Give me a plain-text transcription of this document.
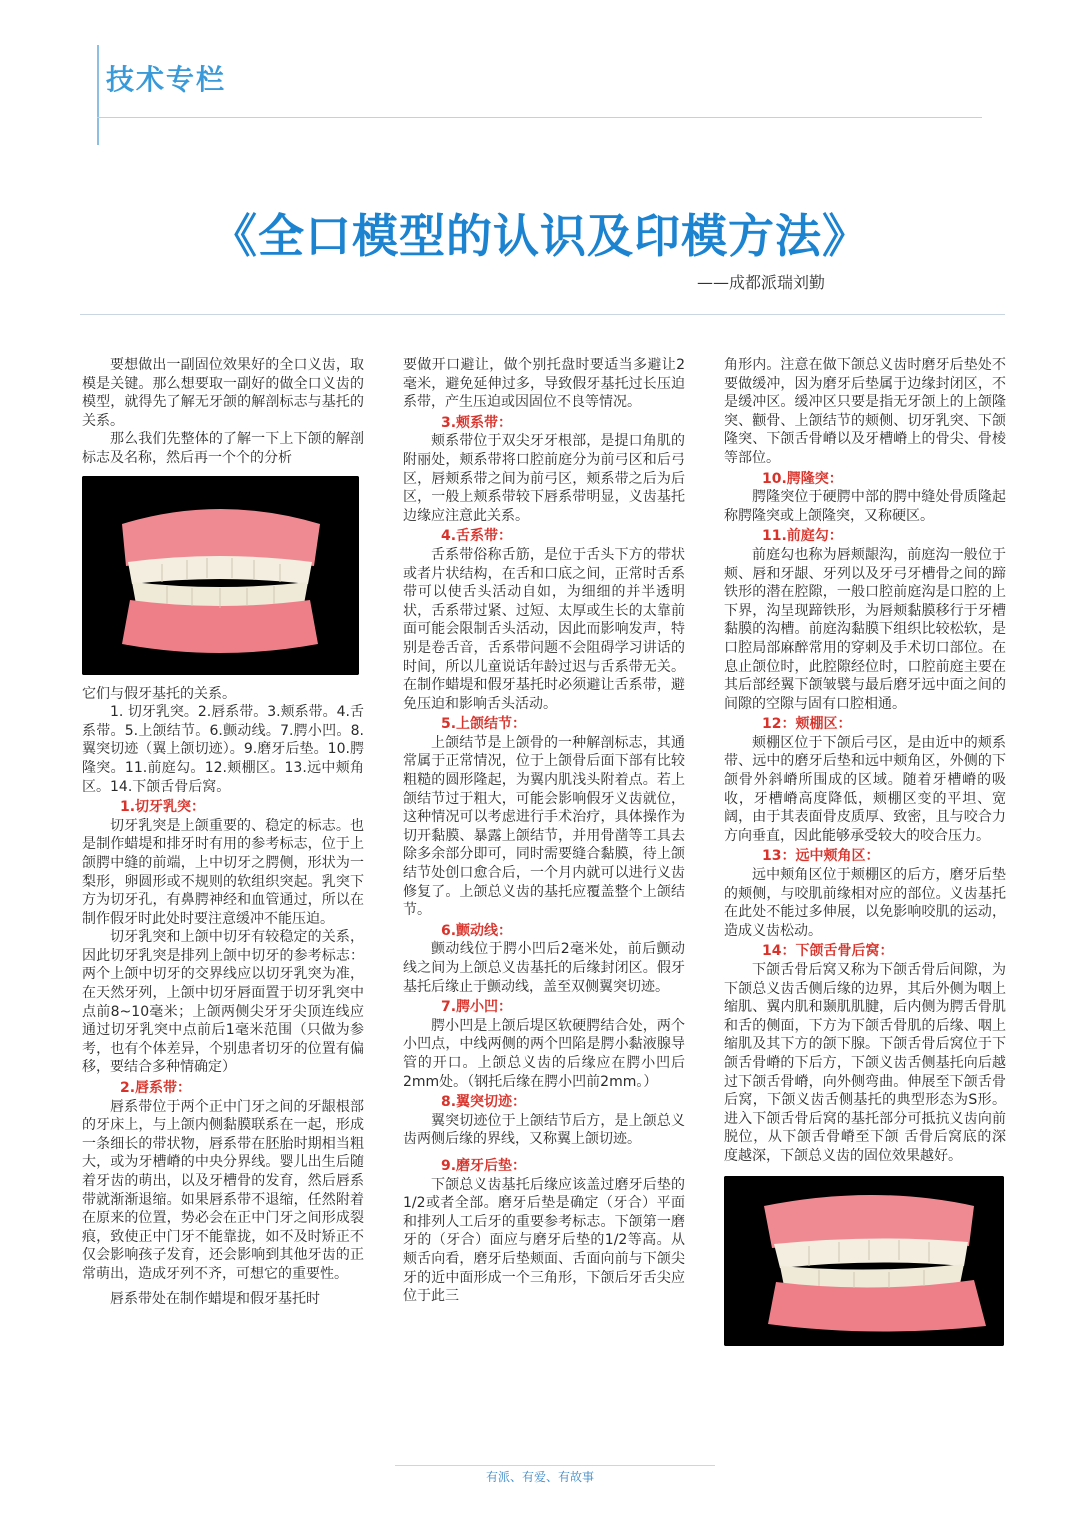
技术专栏
《全口模型的认识及印模方法》
——成都派瑞刘勤

要想做出一副固位效果好的全口义齿，取模是关键。那么想要取一副好的做全口义齿的模型，就得先了解无牙颌的解剖标志与基托的关系。

那么我们先整体的了解一下上下颌的解剖标志及名称，然后再一个个的分析

它们与假牙基托的关系。

1. 切牙乳突。2.唇系带。3.颊系带。4.舌系带。5.上颌结节。6.颤动线。7.腭小凹。8.翼突切迹（翼上颌切迹）。9.磨牙后垫。10.腭隆突。11.前庭勾。12.颊棚区。13.远中颊角区。14.下颌舌骨后窝。

1.切牙乳突：

切牙乳突是上颌重要的、稳定的标志。也是制作蜡堤和排牙时有用的参考标志，位于上颌腭中缝的前端，上中切牙之腭侧，形状为一梨形，卵圆形或不规则的软组织突起。乳突下方为切牙孔，有鼻腭神经和血管通过，所以在制作假牙时此处时要注意缓冲不能压迫。

切牙乳突和上颌中切牙有较稳定的关系，因此切牙乳突是排列上颌中切牙的参考标志：两个上颌中切牙的交界线应以切牙乳突为准，在天然牙列，上颌中切牙唇面置于切牙乳突中点前8~10毫米；上颌两侧尖牙牙尖顶连线应通过切牙乳突中点前后1毫米范围（只做为参考，也有个体差异，个别患者切牙的位置有偏移，要结合多种情确定）

2.唇系带：

唇系带位于两个正中门牙之间的牙龈根部的牙床上，与上颌内侧黏膜联系在一起，形成一条细长的带状物，唇系带在胚胎时期相当粗大，或为牙槽嵴的中央分界线。婴儿出生后随着牙齿的萌出，以及牙槽骨的发育，然后唇系带就渐渐退缩。如果唇系带不退缩，任然附着在原来的位置，势必会在正中门牙之间形成裂痕，致使正中门牙不能靠拢，如不及时矫正不仅会影响孩子发育，还会影响到其他牙齿的正常萌出，造成牙列不齐，可想它的重要性。

唇系带处在制作蜡堤和假牙基托时

要做开口避让，做个别托盘时要适当多避让2毫米，避免延伸过多，导致假牙基托过长压迫系带，产生压迫或因固位不良等情况。

3.颊系带：

颊系带位于双尖牙牙根部，是提口角肌的附丽处，颊系带将口腔前庭分为前弓区和后弓区，唇颊系带之间为前弓区，颊系带之后为后区，一般上颊系带较下唇系带明显，义齿基托边缘应注意此关系。

4.舌系带：

舌系带俗称舌筋，是位于舌头下方的带状或者片状结构，在舌和口底之间，正常时舌系带可以使舌头活动自如，为细细的并半透明状，舌系带过紧、过短、太厚或生长的太靠前面可能会限制舌头活动，因此而影响发声，特别是卷舌音，舌系带问题不会阻碍学习讲话的时间，所以儿童说话年龄过迟与舌系带无关。在制作蜡堤和假牙基托时必须避让舌系带，避免压迫和影响舌头活动。

5.上颌结节：

上颌结节是上颌骨的一种解剖标志，其通常属于正常情况，位于上颌骨后面下部有比较粗糙的圆形隆起，为翼内肌浅头附着点。若上颌结节过于粗大，可能会影响假牙义齿就位，这种情况可以考虑进行手术治疗，具体操作为切开黏膜、暴露上颌结节，并用骨凿等工具去除多余部分即可，同时需要缝合黏膜，待上颌结节处创口愈合后，一个月内就可以进行义齿修复了。上颌总义齿的基托应覆盖整个上颌结节。

6.颤动线：

颤动线位于腭小凹后2毫米处，前后颤动线之间为上颌总义齿基托的后缘封闭区。假牙基托后缘止于颤动线，盖至双侧翼突切迹。

7.腭小凹：

腭小凹是上颌后堤区软硬腭结合处，两个小凹点，中线两侧的两个凹陷是腭小黏液腺导管的开口。上颌总义齿的后缘应在腭小凹后2mm处。（钢托后缘在腭小凹前2mm。）

8.翼突切迹：

翼突切迹位于上颌结节后方，是上颌总义齿两侧后缘的界线，又称翼上颌切迹。

9.磨牙后垫：

下颌总义齿基托后缘应该盖过磨牙后垫的1/2或者全部。磨牙后垫是确定（牙合）平面和排列人工后牙的重要参考标志。下颌第一磨牙的（牙合）面应与磨牙后垫的1/2等高。从颊舌向看，磨牙后垫颊面、舌面向前与下颌尖牙的近中面形成一个三角形，下颌后牙舌尖应位于此三

角形内。注意在做下颌总义齿时磨牙后垫处不要做缓冲，因为磨牙后垫属于边缘封闭区，不是缓冲区。缓冲区只要是指无牙颌上的上颌隆突、颧骨、上颌结节的颊侧、切牙乳突、下颌隆突、下颌舌骨嵴以及牙槽嵴上的骨尖、骨棱等部位。

10.腭隆突：

腭隆突位于硬腭中部的腭中缝处骨质隆起称腭隆突或上颌隆突，又称硬区。

11.前庭勾：

前庭勾也称为唇颊龈沟，前庭沟一般位于颊、唇和牙龈、牙列以及牙弓牙槽骨之间的蹄铁形的潜在腔隙，一般口腔前庭沟是口腔的上下界，沟呈现蹄铁形，为唇颊黏膜移行于牙槽黏膜的沟槽。前庭沟黏膜下组织比较松软，是口腔局部麻醉常用的穿刺及手术切口部位。在息止颌位时，此腔隙经位时，口腔前庭主要在其后部经翼下颌皱襞与最后磨牙远中面之间的间隙的空隙与固有口腔相通。

12：颊棚区：

颊棚区位于下颌后弓区，是由近中的颊系带、远中的磨牙后垫和远中颊角区，外侧的下颌骨外斜嵴所围成的区域。随着牙槽嵴的吸收，牙槽嵴高度降低，颊棚区变的平坦、宽阔，由于其表面骨皮质厚、致密，且与咬合力方向垂直，因此能够承受较大的咬合压力。

13：远中颊角区：

远中颊角区位于颊棚区的后方，磨牙后垫的颊侧，与咬肌前缘相对应的部位。义齿基托在此处不能过多伸展，以免影响咬肌的运动，造成义齿松动。

14：下颌舌骨后窝：

下颌舌骨后窝又称为下颌舌骨后间隙，为下颌总义齿舌侧后缘的边界，其后外侧为咽上缩肌、翼内肌和颞肌肌腱，后内侧为腭舌骨肌和舌的侧面，下方为下颌舌骨肌的后缘、咽上缩肌及其下方的颌下腺。下颌舌骨后窝位于下颌舌骨嵴的下后方，下颌义齿舌侧基托向后越过下颌舌骨嵴，向外侧弯曲。伸展至下颌舌骨后窝，下颌义齿舌侧基托的典型形态为S形。进入下颌舌骨后窝的基托部分可抵抗义齿向前脱位，从下颌舌骨嵴至下颌 舌骨后窝底的深度越深，下颌总义齿的固位效果越好。

有派、有爱、有故事
